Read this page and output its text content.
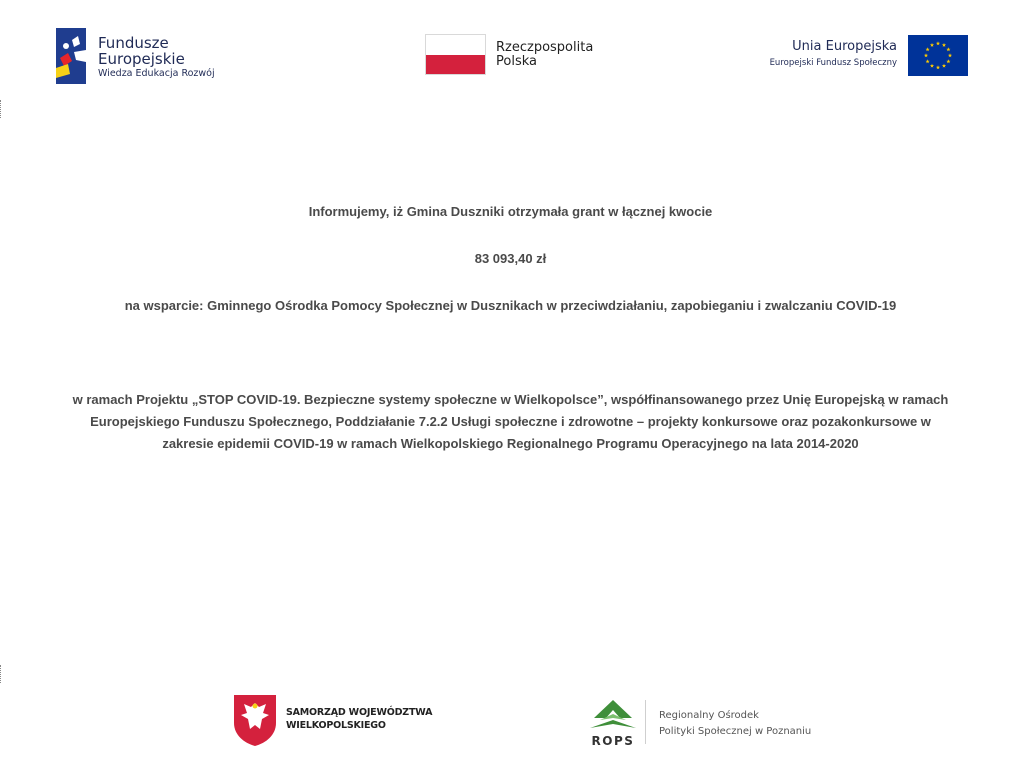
Fundusze
Europejskie
Wiedza Edukacja Rozwój
Rzeczpospolita
Polska
Unia Europejska
Europejski Fundusz Społeczny
Informujemy, iż Gmina Duszniki otrzymała grant w łącznej kwocie
83 093,40 zł
na wsparcie: Gminnego Ośrodka Pomocy Społecznej w Dusznikach w przeciwdziałaniu, zapobieganiu i zwalczaniu COVID-19
w ramach Projektu „STOP COVID-19. Bezpieczne systemy społeczne w Wielkopolsce”, współfinansowanego przez Unię Europejską w ramach Europejskiego Funduszu Społecznego, Poddziałanie 7.2.2 Usługi społeczne i zdrowotne – projekty konkursowe oraz pozakonkursowe w zakresie epidemii COVID-19 w ramach Wielkopolskiego Regionalnego Programu Operacyjnego na lata 2014-2020
SAMORZĄD WOJEWÓDZTWA
WIELKOPOLSKIEGO
ROPS
Regionalny Ośrodek
Polityki Społecznej w Poznaniu
